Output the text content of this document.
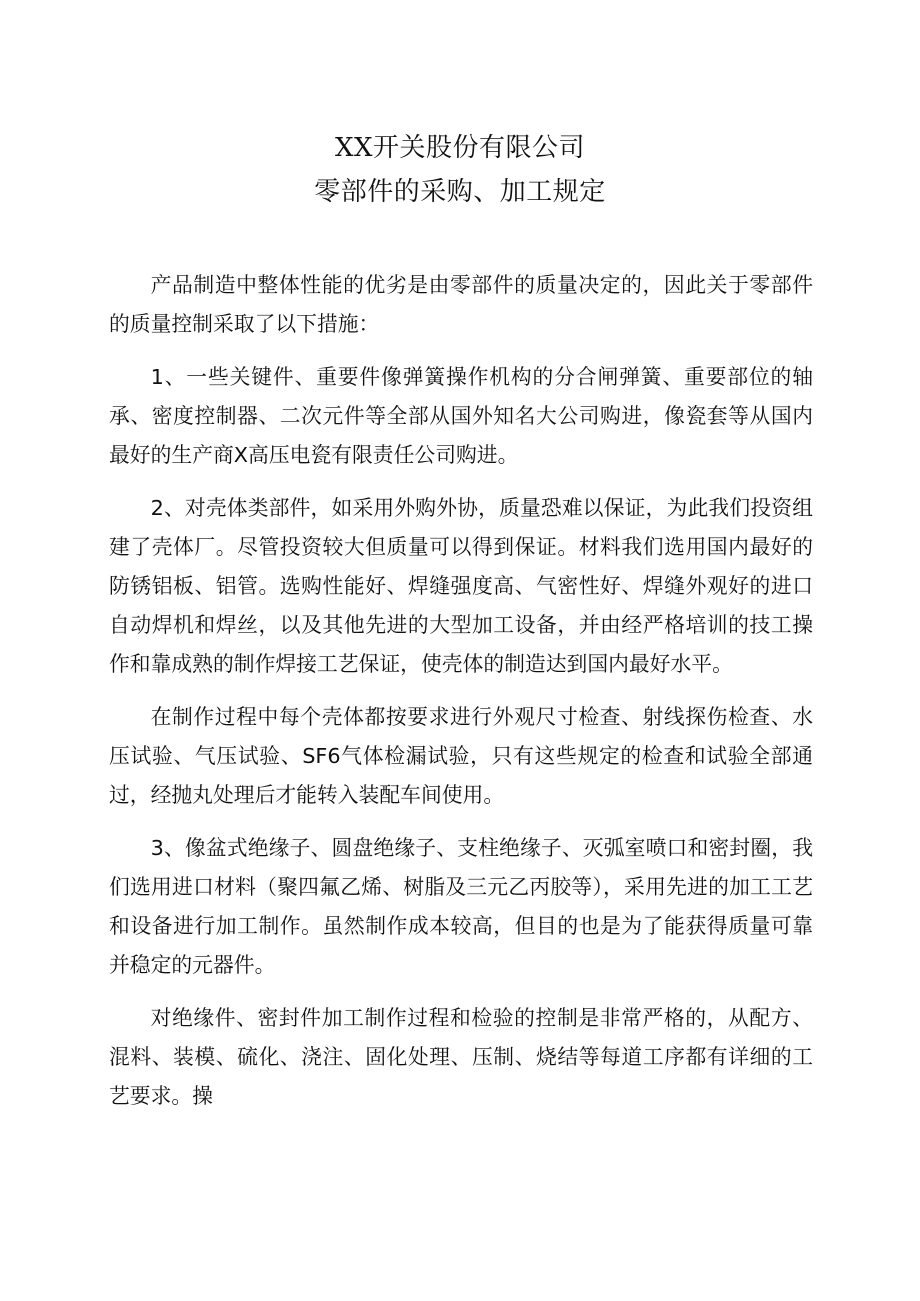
XX开关股份有限公司
零部件的采购、加工规定

产品制造中整体性能的优劣是由零部件的质量决定的，因此关于零部件的质量控制采取了以下措施：

1、一些关键件、重要件像弹簧操作机构的分合闸弹簧、重要部位的轴承、密度控制器、二次元件等全部从国外知名大公司购进，像瓷套等从国内最好的生产商X高压电瓷有限责任公司购进。

2、对壳体类部件，如采用外购外协，质量恐难以保证，为此我们投资组建了壳体厂。尽管投资较大但质量可以得到保证。材料我们选用国内最好的防锈铝板、铝管。选购性能好、焊缝强度高、气密性好、焊缝外观好的进口自动焊机和焊丝，以及其他先进的大型加工设备，并由经严格培训的技工操作和靠成熟的制作焊接工艺保证，使壳体的制造达到国内最好水平。

在制作过程中每个壳体都按要求进行外观尺寸检查、射线探伤检查、水压试验、气压试验、SF6气体检漏试验，只有这些规定的检查和试验全部通过，经抛丸处理后才能转入装配车间使用。

3、像盆式绝缘子、圆盘绝缘子、支柱绝缘子、灭弧室喷口和密封圈，我们选用进口材料（聚四氟乙烯、树脂及三元乙丙胶等），采用先进的加工工艺和设备进行加工制作。虽然制作成本较高，但目的也是为了能获得质量可靠并稳定的元器件。

对绝缘件、密封件加工制作过程和检验的控制是非常严格的，从配方、混料、装模、硫化、浇注、固化处理、压制、烧结等每道工序都有详细的工艺要求。操
